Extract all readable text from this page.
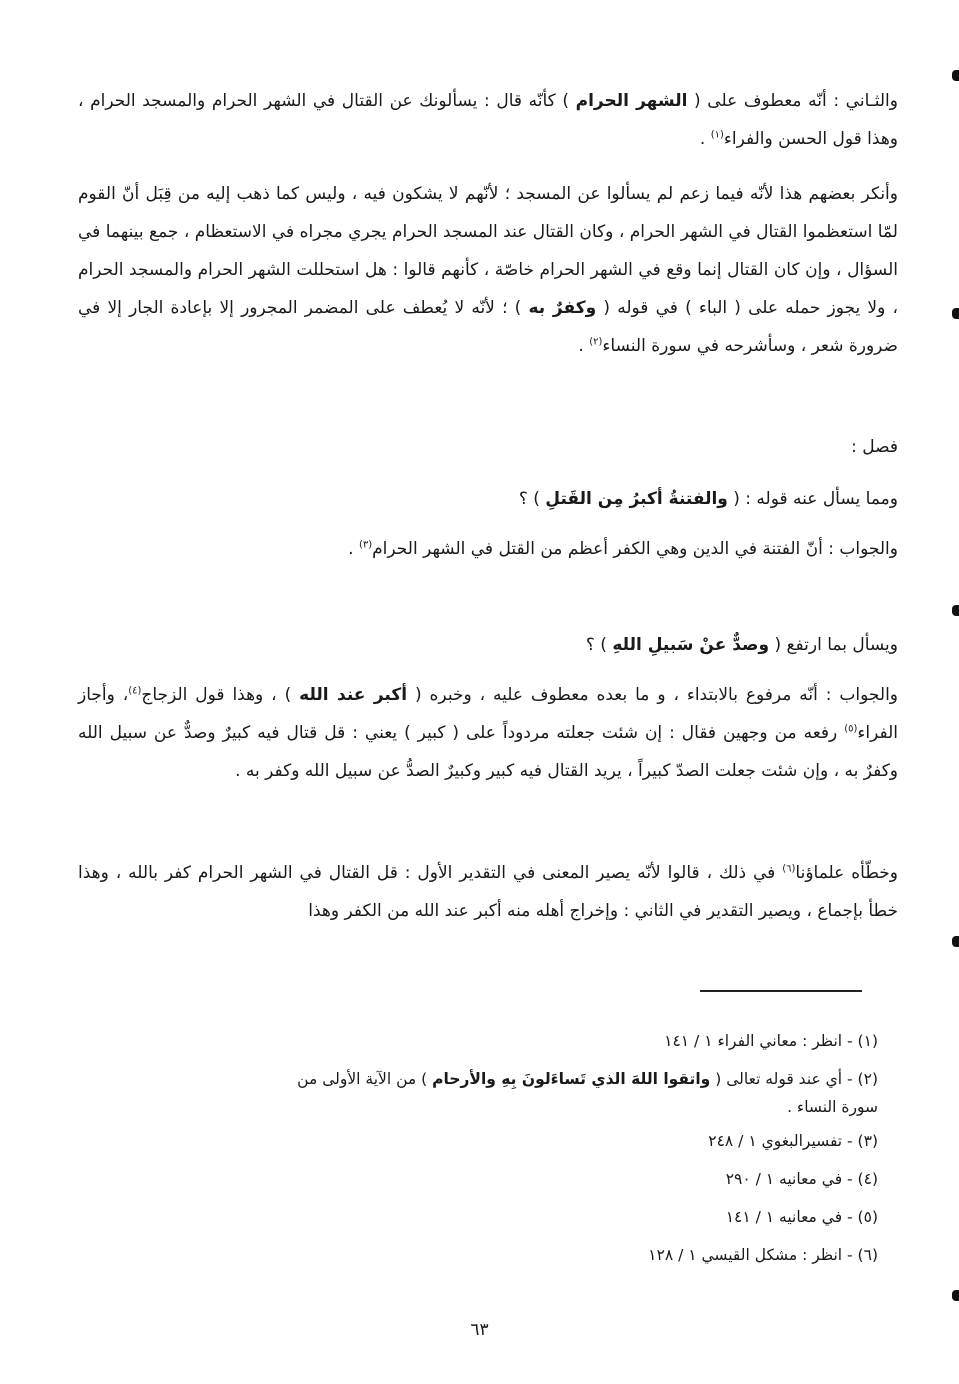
والثـاني : أنّه معطوف على ( الشهر الحرام ) كأنّه قال : يسألونك عن القتال في الشهر الحرام والمسجد الحرام ، وهذا قول الحسن والفراء$^{(١)}$ .

وأنكر بعضهم هذا لأنّه فيما زعم لم يسألوا عن المسجد ؛ لأنّهم لا يشكون فيه ، وليس كما ذهب إليه من قِبَل أنّ القوم لمّا استعظموا القتال في الشهر الحرام ، وكان القتال عند المسجد الحرام يجري مجراه في الاستعظام ، جمع بينهما في السؤال ، وإن كان القتال إنما وقع في الشهر الحرام خاصّة ، كأنهم قالوا : هل استحللت الشهر الحرام والمسجد الحرام ، ولا يجوز حمله على ( الباء ) في قوله ( وكفرٌ به ) ؛ لأنّه لا يُعطف على المضمر المجرور إلا بإعادة الجار إلا في ضرورة شعر ، وسأشرحه في سورة النساء$^{(٢)}$ .

فصل :

ومما يسأل عنه قوله : ( والفتنةُ أكبرُ مِن القَتلِ ) ؟

والجواب : أنّ الفتنة في الدين وهي الكفر أعظم من القتل في الشهر الحرام$^{(٣)}$ .

ويسأل بما ارتفع ( وصدٌّ عنْ سَبيلِ اللهِ ) ؟

والجواب : أنّه مرفوع بالابتداء ، و ما بعده معطوف عليه ، وخبره ( أكبر عند الله ) ، وهذا قول الزجاج$^{(٤)}$، وأجاز الفراء$^{(٥)}$ رفعه من وجهين فقال : إن شئت جعلته مردوداً على ( كبير ) يعني : قل قتال فيه كبيرٌ وصدٌّ عن سبيل الله وكفرٌ به ، وإن شئت جعلت الصدّ كبيراً ، يريد القتال فيه كبير وكبيرٌ الصدُّ عن سبيل الله وكفر به .

وخطّأه علماؤنا$^{(٦)}$ في ذلك ، قالوا لأنّه يصير المعنى في التقدير الأول : قل القتال في الشهر الحرام كفر بالله ، وهذا خطأ بإجماع ، ويصير التقدير في الثاني : وإخراج أهله منه أكبر عند الله من الكفر وهذا

(١) - انظر : معاني الفراء ١ / ١٤١

(٢) - أي عند قوله تعالى ( واتقوا اللهَ الذي تَساءَلونَ بِهِ والأرحام ) من الآية الأولى من

سورة النساء .

(٣) - تفسيرالبغوي ١ / ٢٤٨

(٤) - في معانيه ١ / ٢٩٠

(٥) - في معانيه ١ / ١٤١

(٦) - انظر : مشكل القيسي ١ / ١٢٨

٦٣
